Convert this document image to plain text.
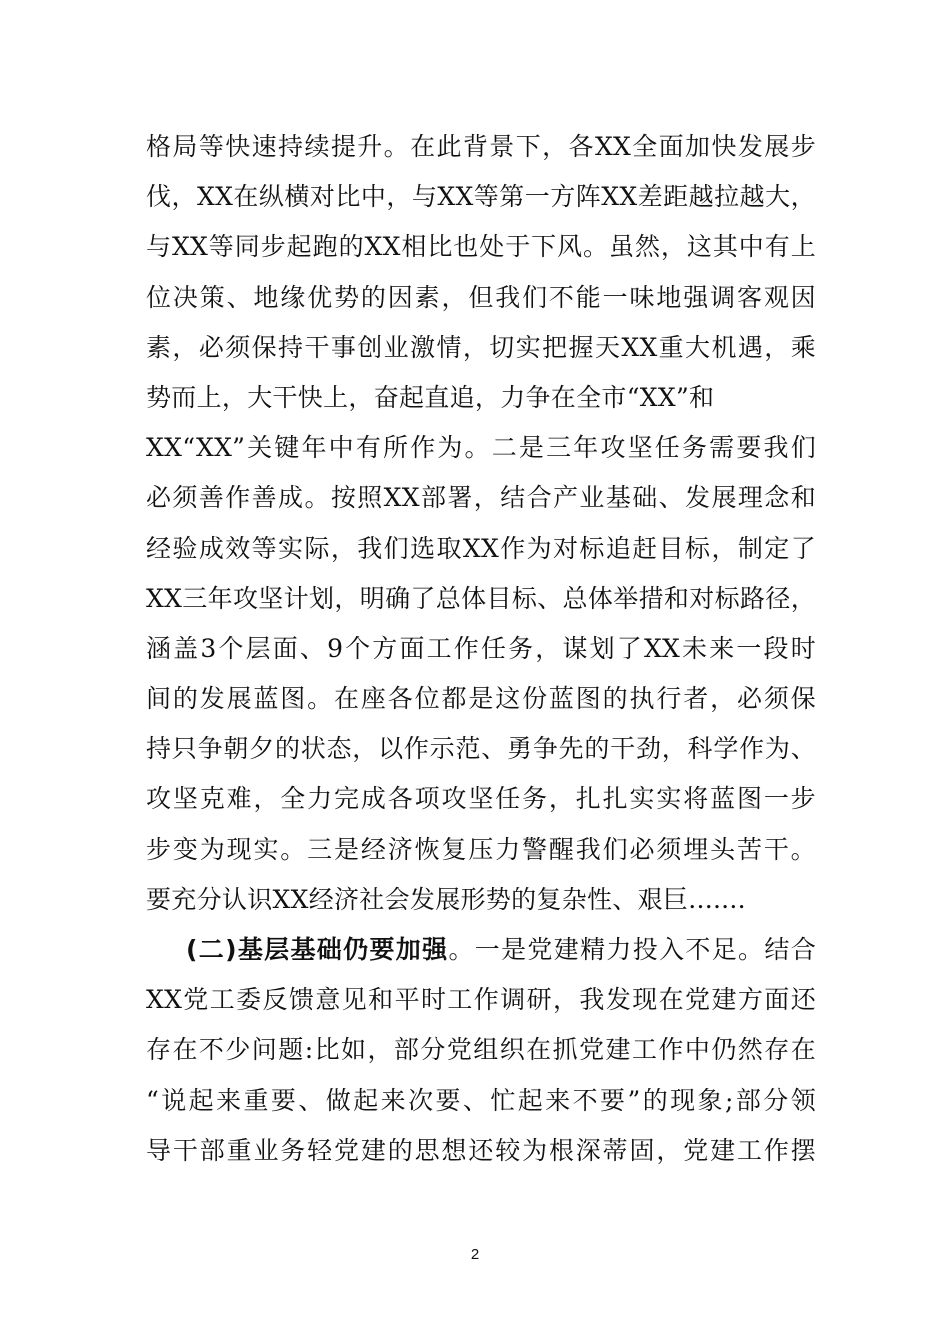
格局等快速持续提升。在此背景下，各XX全面加快发展步
伐，XX在纵横对比中，与XX等第一方阵XX差距越拉越大，
与XX等同步起跑的XX相比也处于下风。虽然，这其中有上
位决策、地缘优势的因素，但我们不能一味地强调客观因
素，必须保持干事创业激情，切实把握天XX重大机遇，乘
势而上，大干快上，奋起直追，力争在全市“XX”和
XX“XX”关键年中有所作为。二是三年攻坚任务需要我们
必须善作善成。按照XX部署，结合产业基础、发展理念和
经验成效等实际，我们选取XX作为对标追赶目标，制定了
XX三年攻坚计划，明确了总体目标、总体举措和对标路径，
涵盖3个层面、9个方面工作任务，谋划了XX未来一段时
间的发展蓝图。在座各位都是这份蓝图的执行者，必须保
持只争朝夕的状态，以作示范、勇争先的干劲，科学作为、
攻坚克难，全力完成各项攻坚任务，扎扎实实将蓝图一步
步变为现实。三是经济恢复压力警醒我们必须埋头苦干。
要充分认识XX经济社会发展形势的复杂性、艰巨.......
(二)基层基础仍要加强。一是党建精力投入不足。结合
XX党工委反馈意见和平时工作调研，我发现在党建方面还
存在不少问题:比如，部分党组织在抓党建工作中仍然存在
“说起来重要、做起来次要、忙起来不要”的现象;部分领
导干部重业务轻党建的思想还较为根深蒂固，党建工作摆
2
